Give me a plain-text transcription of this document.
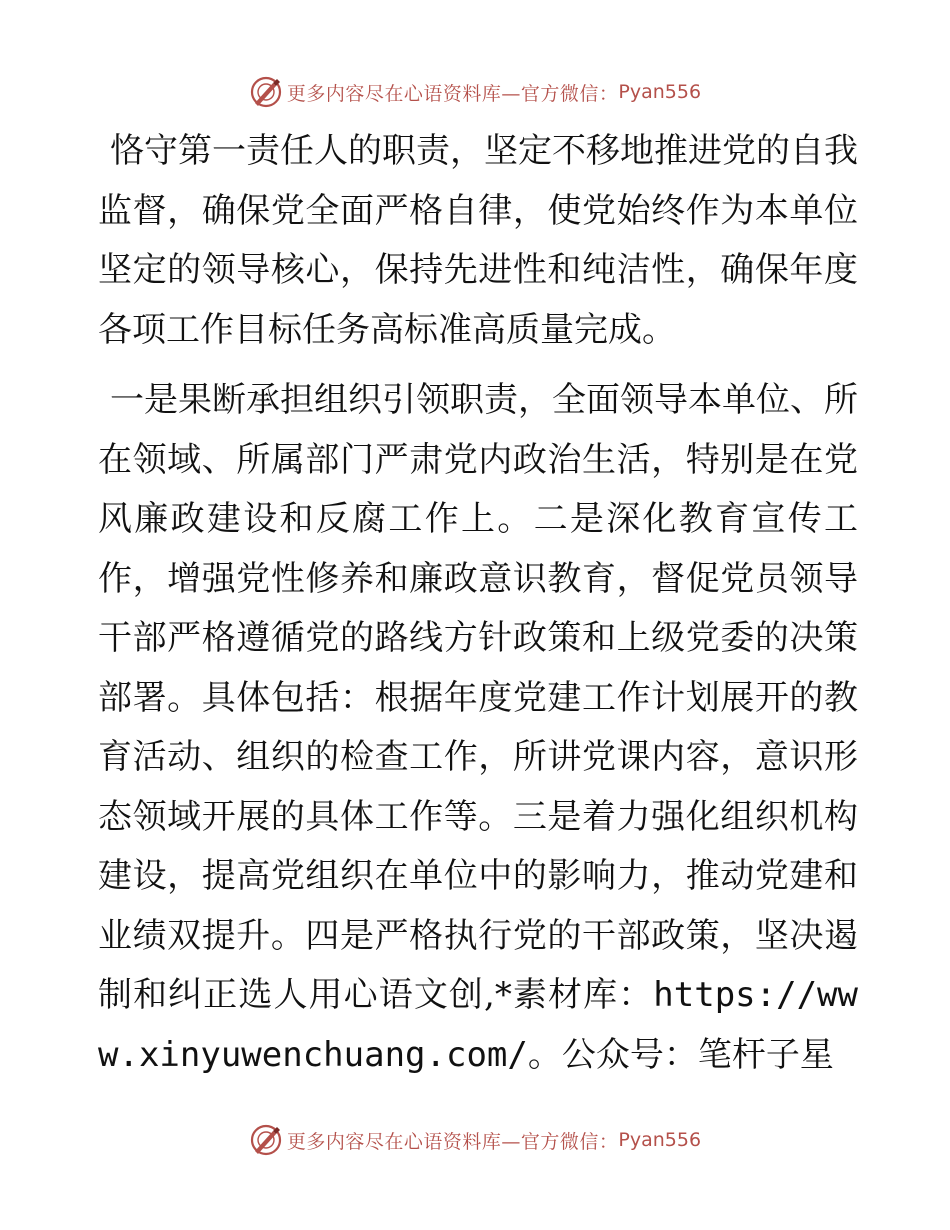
更多内容尽在心语资料库—官方微信： Pyan556

恪守第一责任人的职责，坚定不移地推进党的自我监督，确保党全面严格自律，使党始终作为本单位坚定的领导核心，保持先进性和纯洁性，确保年度各项工作目标任务高标准高质量完成。

一是果断承担组织引领职责，全面领导本单位、所在领域、所属部门严肃党内政治生活，特别是在党风廉政建设和反腐工作上。二是深化教育宣传工作，增强党性修养和廉政意识教育，督促党员领导干部严格遵循党的路线方针政策和上级党委的决策部署。具体包括：根据年度党建工作计划展开的教育活动、组织的检查工作，所讲党课内容，意识形态领域开展的具体工作等。三是着力强化组织机构建设，提高党组织在单位中的影响力，推动党建和业绩双提升。四是严格执行党的干部政策，坚决遏制和纠正选人用心语文创,*素材库：https://www.xinyuwenchuang.com/。公众号：笔杆子星

更多内容尽在心语资料库—官方微信： Pyan556
